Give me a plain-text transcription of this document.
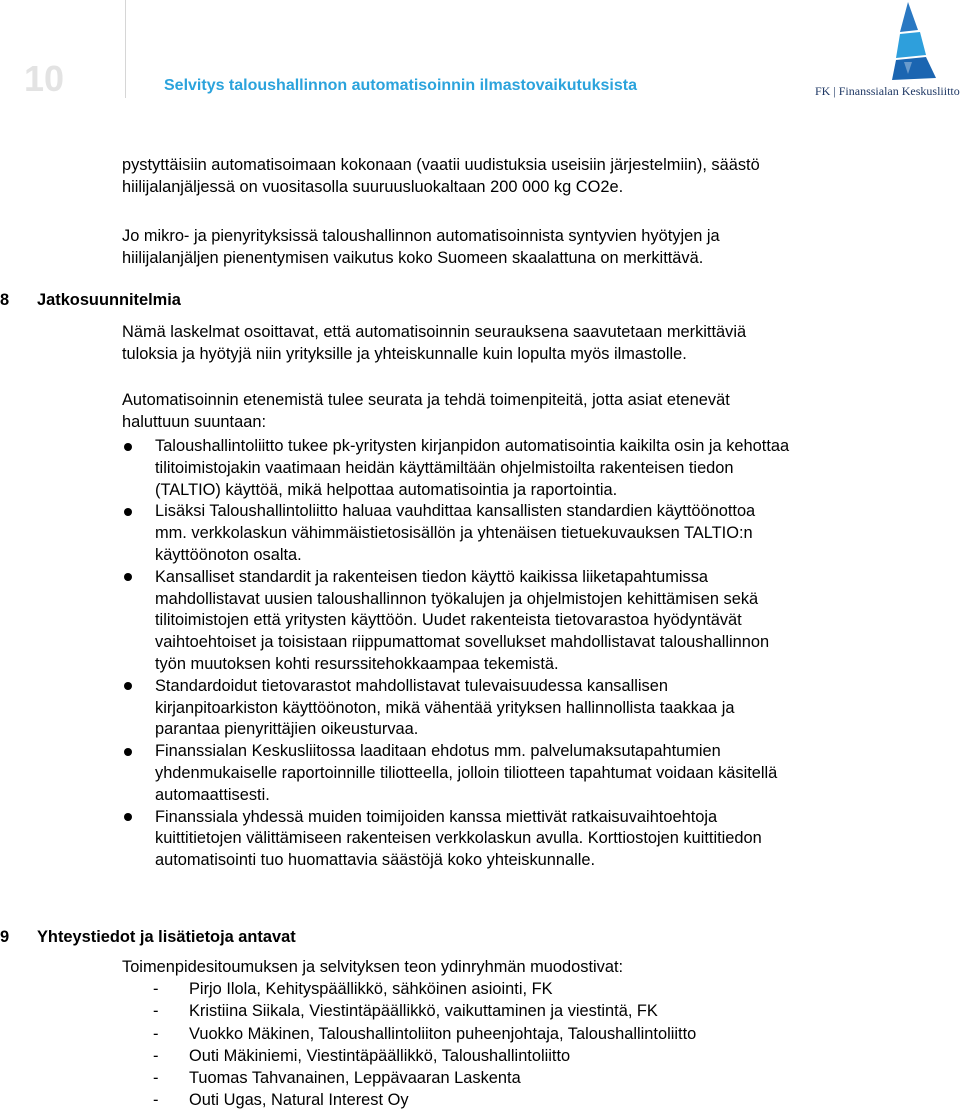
10	Selvitys taloushallinnon automatisoinnin ilmastovaikutuksista	FK | Finanssialan Keskusliitto
pystyttäisiin automatisoimaan kokonaan (vaatii uudistuksia useisiin järjestelmiin), säästö
hiilijalanjäljessä on vuositasolla suuruusluokaltaan 200 000 kg CO2e.
Jo mikro- ja pienyrityksissä taloushallinnon automatisoinnista syntyvien hyötyjen ja
hiilijalanjäljen pienentymisen vaikutus koko Suomeen skaalattuna on merkittävä.
8 Jatkosuunnitelmia
Nämä laskelmat osoittavat, että automatisoinnin seurauksena saavutetaan merkittäviä
tuloksia ja hyötyjä niin yrityksille ja yhteiskunnalle kuin lopulta myös ilmastolle.
Automatisoinnin etenemistä tulee seurata ja tehdä toimenpiteitä, jotta asiat etenevät
haluttuun suuntaan:
Taloushallintoliitto tukee pk-yritysten kirjanpidon automatisointia kaikilta osin ja kehottaa
tilitoimistojakin vaatimaan heidän käyttämiltään ohjelmistoilta rakenteisen tiedon
(TALTIO) käyttöä, mikä helpottaa automatisointia ja raportointia.
Lisäksi Taloushallintoliitto haluaa vauhdittaa kansallisten standardien käyttöönottoa
mm. verkkolaskun vähimmäistietosisällön ja yhtenäisen tietuekuvauksen TALTIO:n
käyttöönoton osalta.
Kansalliset standardit ja rakenteisen tiedon käyttö kaikissa liiketapahtumissa
mahdollistavat uusien taloushallinnon työkalujen ja ohjelmistojen kehittämisen sekä
tilitoimistojen että yritysten käyttöön. Uudet rakenteista tietovarastoa hyödyntävät
vaihtoehtoiset ja toisistaan riippumattomat sovellukset mahdollistavat taloushallinnon
työn muutoksen kohti resurssitehokkaampaa tekemistä.
Standardoidut tietovarastot mahdollistavat tulevaisuudessa kansallisen
kirjanpitoarkiston käyttöönoton, mikä vähentää yrityksen hallinnollista taakkaa ja
parantaa pienyrittäjien oikeusturvaa.
Finanssialan Keskusliitossa laaditaan ehdotus mm. palvelumaksutapahtumien
yhdenmukaiselle raportoinnille tiliotteella, jolloin tiliotteen tapahtumat voidaan käsitellä
automaattisesti.
Finanssiala yhdessä muiden toimijoiden kanssa miettivät ratkaisuvaihtoehtoja
kuittitietojen välittämiseen rakenteisen verkkolaskun avulla. Korttiostojen kuittitiedon
automatisointi tuo huomattavia säästöjä koko yhteiskunnalle.
9 Yhteystiedot ja lisätietoja antavat
Toimenpidesitoumuksen ja selvityksen teon ydinryhmän muodostivat:
- Pirjo Ilola, Kehityspäällikkö, sähköinen asiointi, FK
- Kristiina Siikala, Viestintäpäällikkö, vaikuttaminen ja viestintä, FK
- Vuokko Mäkinen, Taloushallintoliiton puheenjohtaja, Taloushallintoliitto
- Outi Mäkiniemi, Viestintäpäällikkö, Taloushallintoliitto
- Tuomas Tahvanainen, Leppävaaran Laskenta
- Outi Ugas, Natural Interest Oy
